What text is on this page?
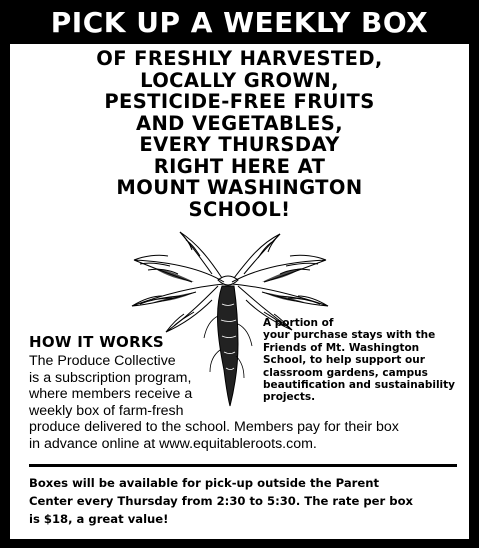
PICK UP A WEEKLY BOX
OF FRESHLY HARVESTED,
LOCALLY GROWN,
PESTICIDE-FREE FRUITS
AND VEGETABLES,
EVERY THURSDAY
RIGHT HERE AT
MOUNT WASHINGTON
SCHOOL!
A portion of
your purchase stays with the
Friends of Mt. Washington
School, to help support our
classroom gardens, campus
beautification and sustainability
projects.
HOW IT WORKS
The Produce Collective
is a subscription program,
where members receive a
weekly box of farm-fresh
produce delivered to the school. Members pay for their box
in advance online at www.equitableroots.com.
Boxes will be available for pick-up outside the Parent
Center every Thursday from 2:30 to 5:30. The rate per box
is $18, a great value!
